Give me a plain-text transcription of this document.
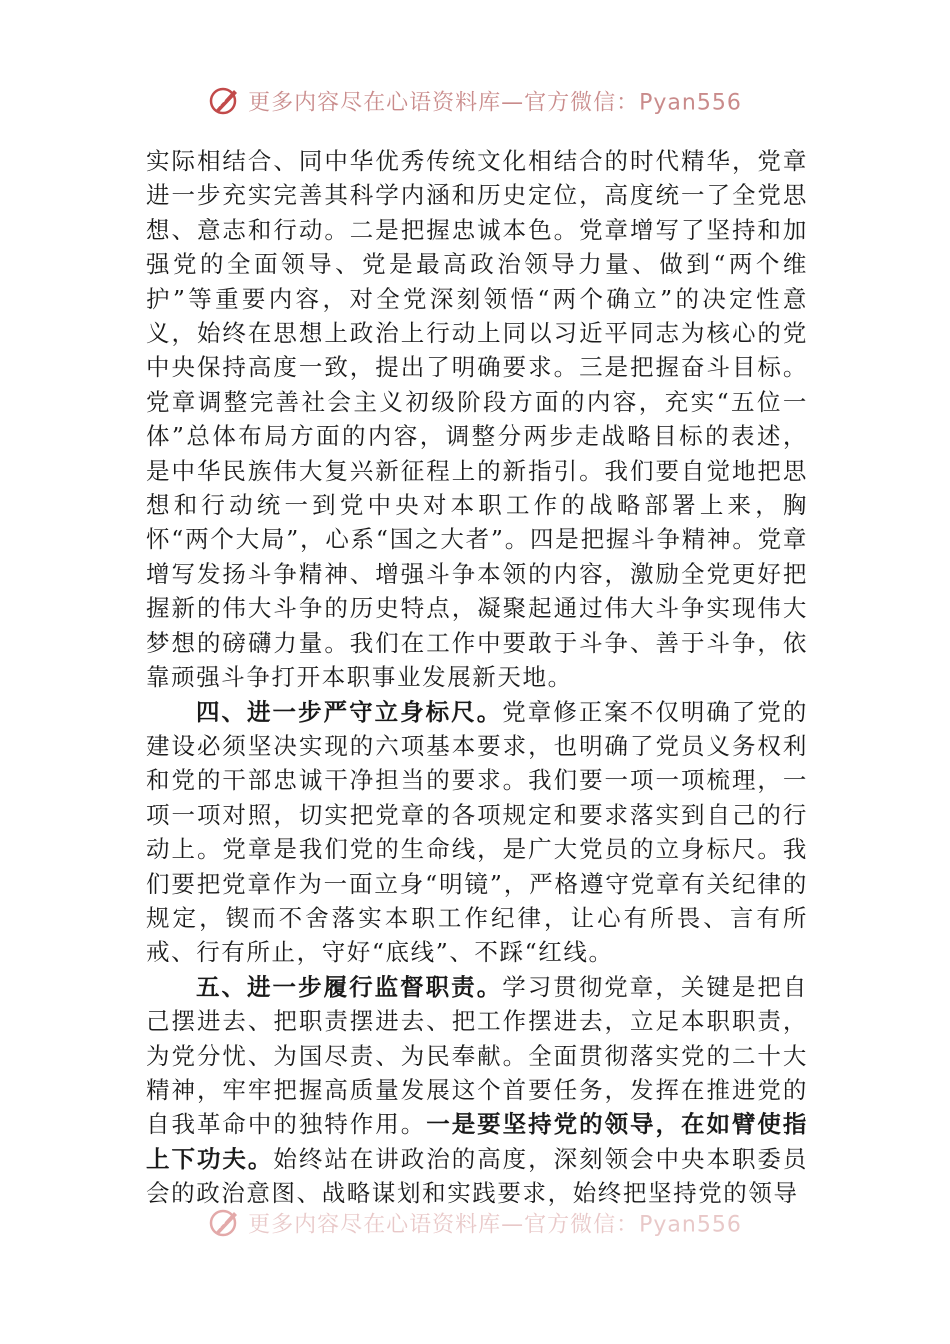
P 更多内容尽在心语资料库—官方微信：Pyan556

实际相结合、同中华优秀传统文化相结合的时代精华，党章进一步充实完善其科学内涵和历史定位，高度统一了全党思想、意志和行动。二是把握忠诚本色。党章增写了坚持和加强党的全面领导、党是最高政治领导力量、做到“两个维护”等重要内容，对全党深刻领悟“两个确立”的决定性意义，始终在思想上政治上行动上同以习近平同志为核心的党中央保持高度一致，提出了明确要求。三是把握奋斗目标。党章调整完善社会主义初级阶段方面的内容，充实“五位一体”总体布局方面的内容，调整分两步走战略目标的表述，是中华民族伟大复兴新征程上的新指引。我们要自觉地把思想和行动统一到党中央对本职工作的战略部署上来，胸怀“两个大局”，心系“国之大者”。四是把握斗争精神。党章增写发扬斗争精神、增强斗争本领的内容，激励全党更好把握新的伟大斗争的历史特点，凝聚起通过伟大斗争实现伟大梦想的磅礴力量。我们在工作中要敢于斗争、善于斗争，依靠顽强斗争打开本职事业发展新天地。

四、进一步严守立身标尺。党章修正案不仅明确了党的建设必须坚决实现的六项基本要求，也明确了党员义务权利和党的干部忠诚干净担当的要求。我们要一项一项梳理，一项一项对照，切实把党章的各项规定和要求落实到自己的行动上。党章是我们党的生命线，是广大党员的立身标尺。我们要把党章作为一面立身“明镜”，严格遵守党章有关纪律的规定，锲而不舍落实本职工作纪律，让心有所畏、言有所戒、行有所止，守好“底线”、不踩“红线。

五、进一步履行监督职责。学习贯彻党章，关键是把自己摆进去、把职责摆进去、把工作摆进去，立足本职职责，为党分忧、为国尽责、为民奉献。全面贯彻落实党的二十大精神，牢牢把握高质量发展这个首要任务，发挥在推进党的自我革命中的独特作用。一是要坚持党的领导，在如臂使指上下功夫。始终站在讲政治的高度，深刻领会中央本职委员会的政治意图、战略谋划和实践要求，始终把坚持党的领导

P 更多内容尽在心语资料库—官方微信：Pyan556
